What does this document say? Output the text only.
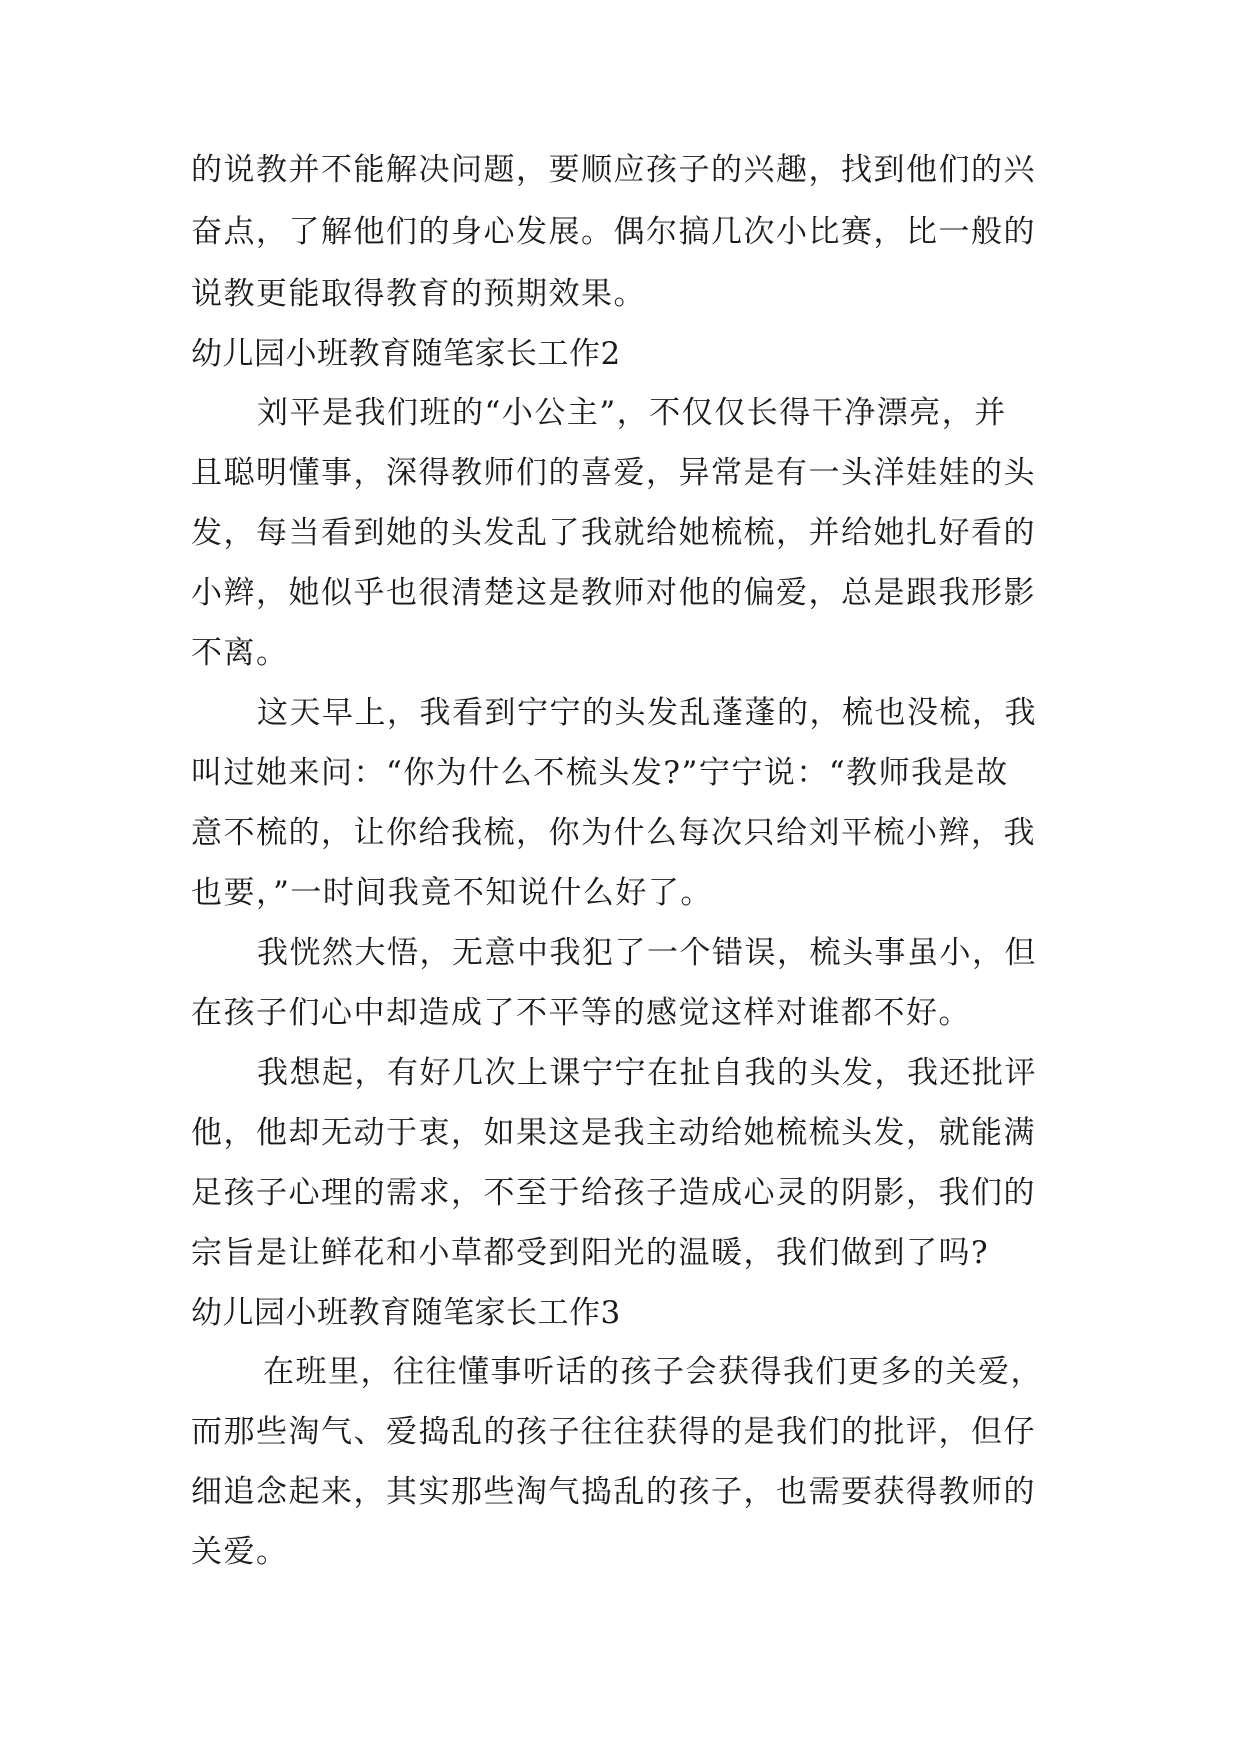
的说教并不能解决问题，要顺应孩子的兴趣，找到他们的兴
奋点，了解他们的身心发展。偶尔搞几次小比赛，比一般的
说教更能取得教育的预期效果。
幼儿园小班教育随笔家长工作2
刘平是我们班的“小公主”，不仅仅长得干净漂亮，并
且聪明懂事，深得教师们的喜爱，异常是有一头洋娃娃的头
发，每当看到她的头发乱了我就给她梳梳，并给她扎好看的
小辫，她似乎也很清楚这是教师对他的偏爱，总是跟我形影
不离。
这天早上，我看到宁宁的头发乱蓬蓬的，梳也没梳，我
叫过她来问：“你为什么不梳头发?”宁宁说：“教师我是故
意不梳的，让你给我梳，你为什么每次只给刘平梳小辫，我
也要，”一时间我竟不知说什么好了。
我恍然大悟，无意中我犯了一个错误，梳头事虽小，但
在孩子们心中却造成了不平等的感觉这样对谁都不好。
我想起，有好几次上课宁宁在扯自我的头发，我还批评
他，他却无动于衷，如果这是我主动给她梳梳头发，就能满
足孩子心理的需求，不至于给孩子造成心灵的阴影，我们的
宗旨是让鲜花和小草都受到阳光的温暖，我们做到了吗?
幼儿园小班教育随笔家长工作3
在班里，往往懂事听话的孩子会获得我们更多的关爱，
而那些淘气、爱捣乱的孩子往往获得的是我们的批评，但仔
细追念起来，其实那些淘气捣乱的孩子，也需要获得教师的
关爱。
